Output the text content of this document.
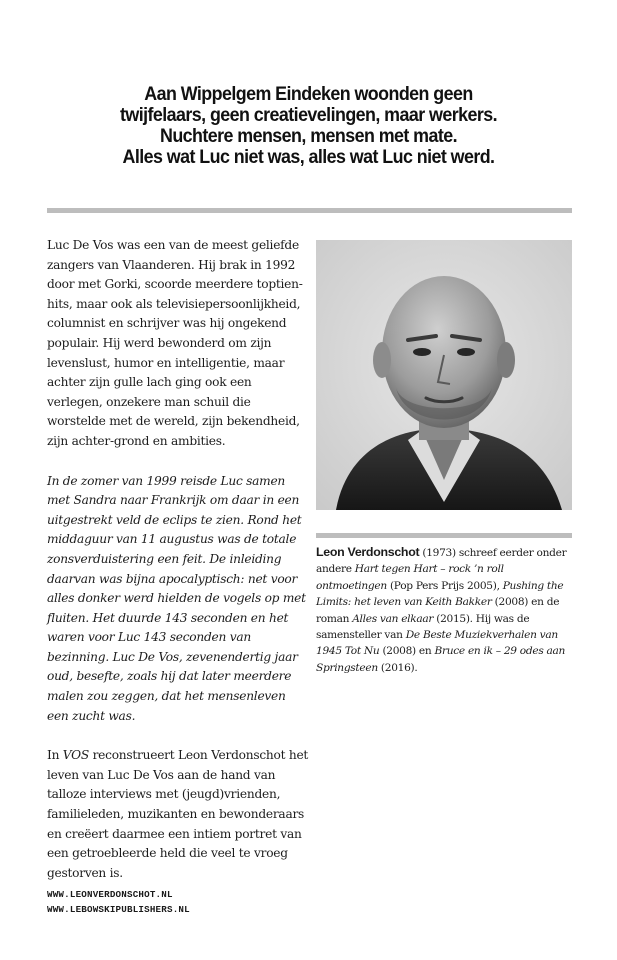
Aan Wippelgem Eindeken woonden geen
twijfelaars, geen creatievelingen, maar werkers.
Nuchtere mensen, mensen met mate.
Alles wat Luc niet was, alles wat Luc niet werd.

Luc De Vos was een van de meest geliefde zangers van Vlaanderen. Hij brak in 1992 door met Gorki, scoorde meerdere toptien-hits, maar ook als televisiepersoonlijkheid, columnist en schrijver was hij ongekend populair. Hij werd bewonderd om zijn levenslust, humor en intelligentie, maar achter zijn gulle lach ging ook een verlegen, onzekere man schuil die worstelde met de wereld, zijn bekendheid, zijn achter-grond en ambities.

In de zomer van 1999 reisde Luc samen met Sandra naar Frankrijk om daar in een uitgestrekt veld de eclips te zien. Rond het middaguur van 11 augustus was de totale zonsverduistering een feit. De inleiding daarvan was bijna apocalyptisch: net voor alles donker werd hielden de vogels op met fluiten. Het duurde 143 seconden en het waren voor Luc 143 seconden van bezinning. Luc De Vos, zevenendertig jaar oud, besefte, zoals hij dat later meerdere malen zou zeggen, dat het mensenleven een zucht was.

In VOS reconstrueert Leon Verdonschot het leven van Luc De Vos aan de hand van talloze interviews met (jeugd)vrienden, familieleden, muzikanten en bewonderaars en creëert daarmee een intiem portret van een getroebleerde held die veel te vroeg gestorven is.

Leon Verdonschot (1973) schreef eerder onder andere Hart tegen Hart – rock ’n roll ontmoetingen (Pop Pers Prijs 2005), Pushing the Limits: het leven van Keith Bakker (2008) en de roman Alles van elkaar (2015). Hij was de samensteller van De Beste Muziekverhalen van 1945 Tot Nu (2008) en Bruce en ik – 29 odes aan Springsteen (2016).
WWW.LEONVERDONSCHOT.NL
WWW.LEBOWSKIPUBLISHERS.NL
